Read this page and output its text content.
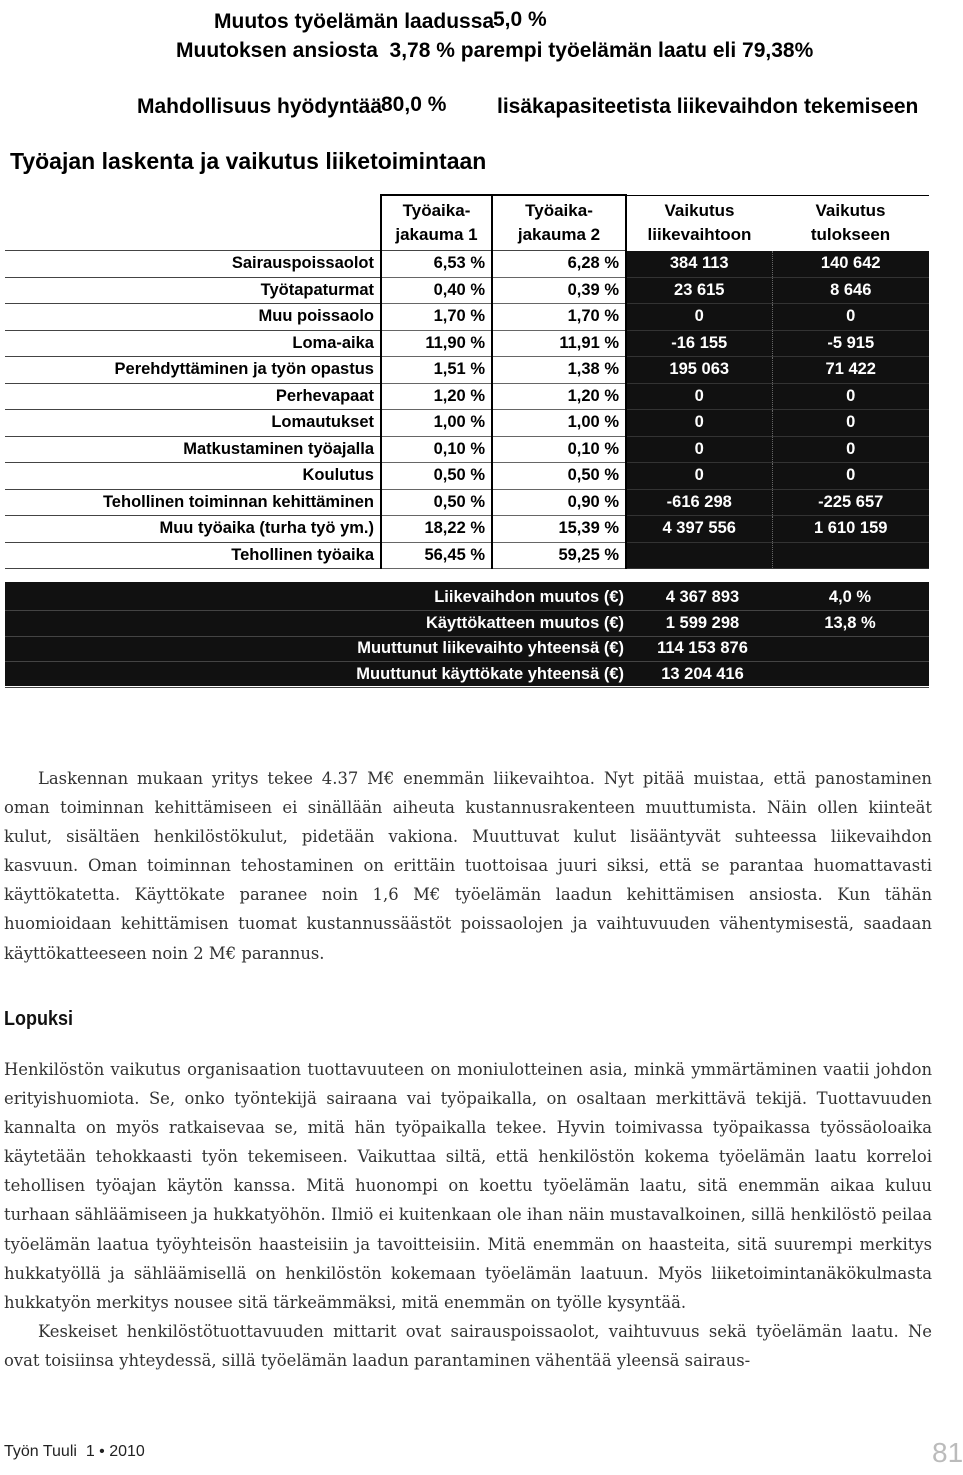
Muutos työelämän laadussa
5,0 %
Muutoksen ansiosta  3,78 % parempi työelämän laatu eli 79,38%
Mahdollisuus hyödyntää
80,0 %	lisäkapasiteetista liikevaihdon tekemiseen
Työajan laskenta ja vaikutus liiketoimintaan
	Työaika-	Työaika-	Vaikutus	Vaikutus
	jakauma 1	jakauma 2	liikevaihtoon	tulokseen
Sairauspoissaolot	6,53 %	6,28 %	384 113	140 642
Työtapaturmat	0,40 %	0,39 %	23 615	8 646
Muu poissaolo	1,70 %	1,70 %	0	0
Loma-aika	11,90 %	11,91 %	-16 155	-5 915
Perehdyttäminen ja työn opastus	1,51 %	1,38 %	195 063	71 422
Perhevapaat	1,20 %	1,20 %	0	0
Lomautukset	1,00 %	1,00 %	0	0
Matkustaminen työajalla	0,10 %	0,10 %	0	0
Koulutus	0,50 %	0,50 %	0	0
Tehollinen toiminnan kehittäminen	0,50 %	0,90 %	-616 298	-225 657
Muu työaika (turha työ ym.)	18,22 %	15,39 %	4 397 556	1 610 159
Tehollinen työaika	56,45 %	59,25 %		
Liikevaihdon muutos (€)	4 367 893	4,0 %
Käyttökatteen muutos (€)	1 599 298	13,8 %
Muuttunut liikevaihto yhteensä (€)	114 153 876
Muuttunut käyttökate yhteensä (€)	13 204 416

Laskennan mukaan yritys tekee 4.37 M€ enemmän liikevaihtoa. Nyt pitää muistaa, että panostaminen oman toiminnan kehittämiseen ei sinällään aiheuta kustannusrakenteen muuttumista. Näin ollen kiinteät kulut, sisältäen henkilöstökulut, pidetään vakiona. Muuttuvat kulut lisääntyvät suhteessa liikevaihdon kasvuun. Oman toiminnan tehostaminen on erittäin tuottoisaa juuri siksi, että se parantaa huomattavasti käyttökatetta. Käyttökate paranee noin 1,6 M€ työelämän laadun kehittämisen ansiosta. Kun tähän huomioidaan kehittämisen tuomat kustannussäästöt poissaolojen ja vaihtuvuuden vähentymisestä, saadaan käyttökatteeseen noin 2 M€ parannus.

Lopuksi

Henkilöstön vaikutus organisaation tuottavuuteen on moniulotteinen asia, minkä ymmärtäminen vaatii johdon erityishuomiota. Se, onko työntekijä sairaana vai työpaikalla, on osaltaan merkittävä tekijä. Tuottavuuden kannalta on myös ratkaisevaa se, mitä hän työpaikalla tekee. Hyvin toimivassa työpaikassa työssäoloaika käytetään tehokkaasti työn tekemiseen. Vaikuttaa siltä, että henkilöstön kokema työelämän laatu korreloi tehollisen työajan käytön kanssa. Mitä huonompi on koettu työelämän laatu, sitä enemmän aikaa kuluu turhaan sähläämiseen ja hukkatyöhön. Ilmiö ei kuitenkaan ole ihan näin mustavalkoinen, sillä henkilöstö peilaa työelämän laatua työyhteisön haasteisiin ja tavoitteisiin. Mitä enemmän on haasteita, sitä suurempi merkitys hukkatyöllä ja sähläämisellä on henkilöstön kokemaan työelämän laatuun. Myös liiketoimintanäkökulmasta hukkatyön merkitys nousee sitä tärkeämmäksi, mitä enemmän on työlle kysyntää.

Keskeiset henkilöstötuottavuuden mittarit ovat sairauspoissaolot, vaihtuvuus sekä työelämän laatu. Ne ovat toisiinsa yhteydessä, sillä työelämän laadun parantaminen vähentää yleensä sairaus-

Työn Tuuli  1 • 2010	81
